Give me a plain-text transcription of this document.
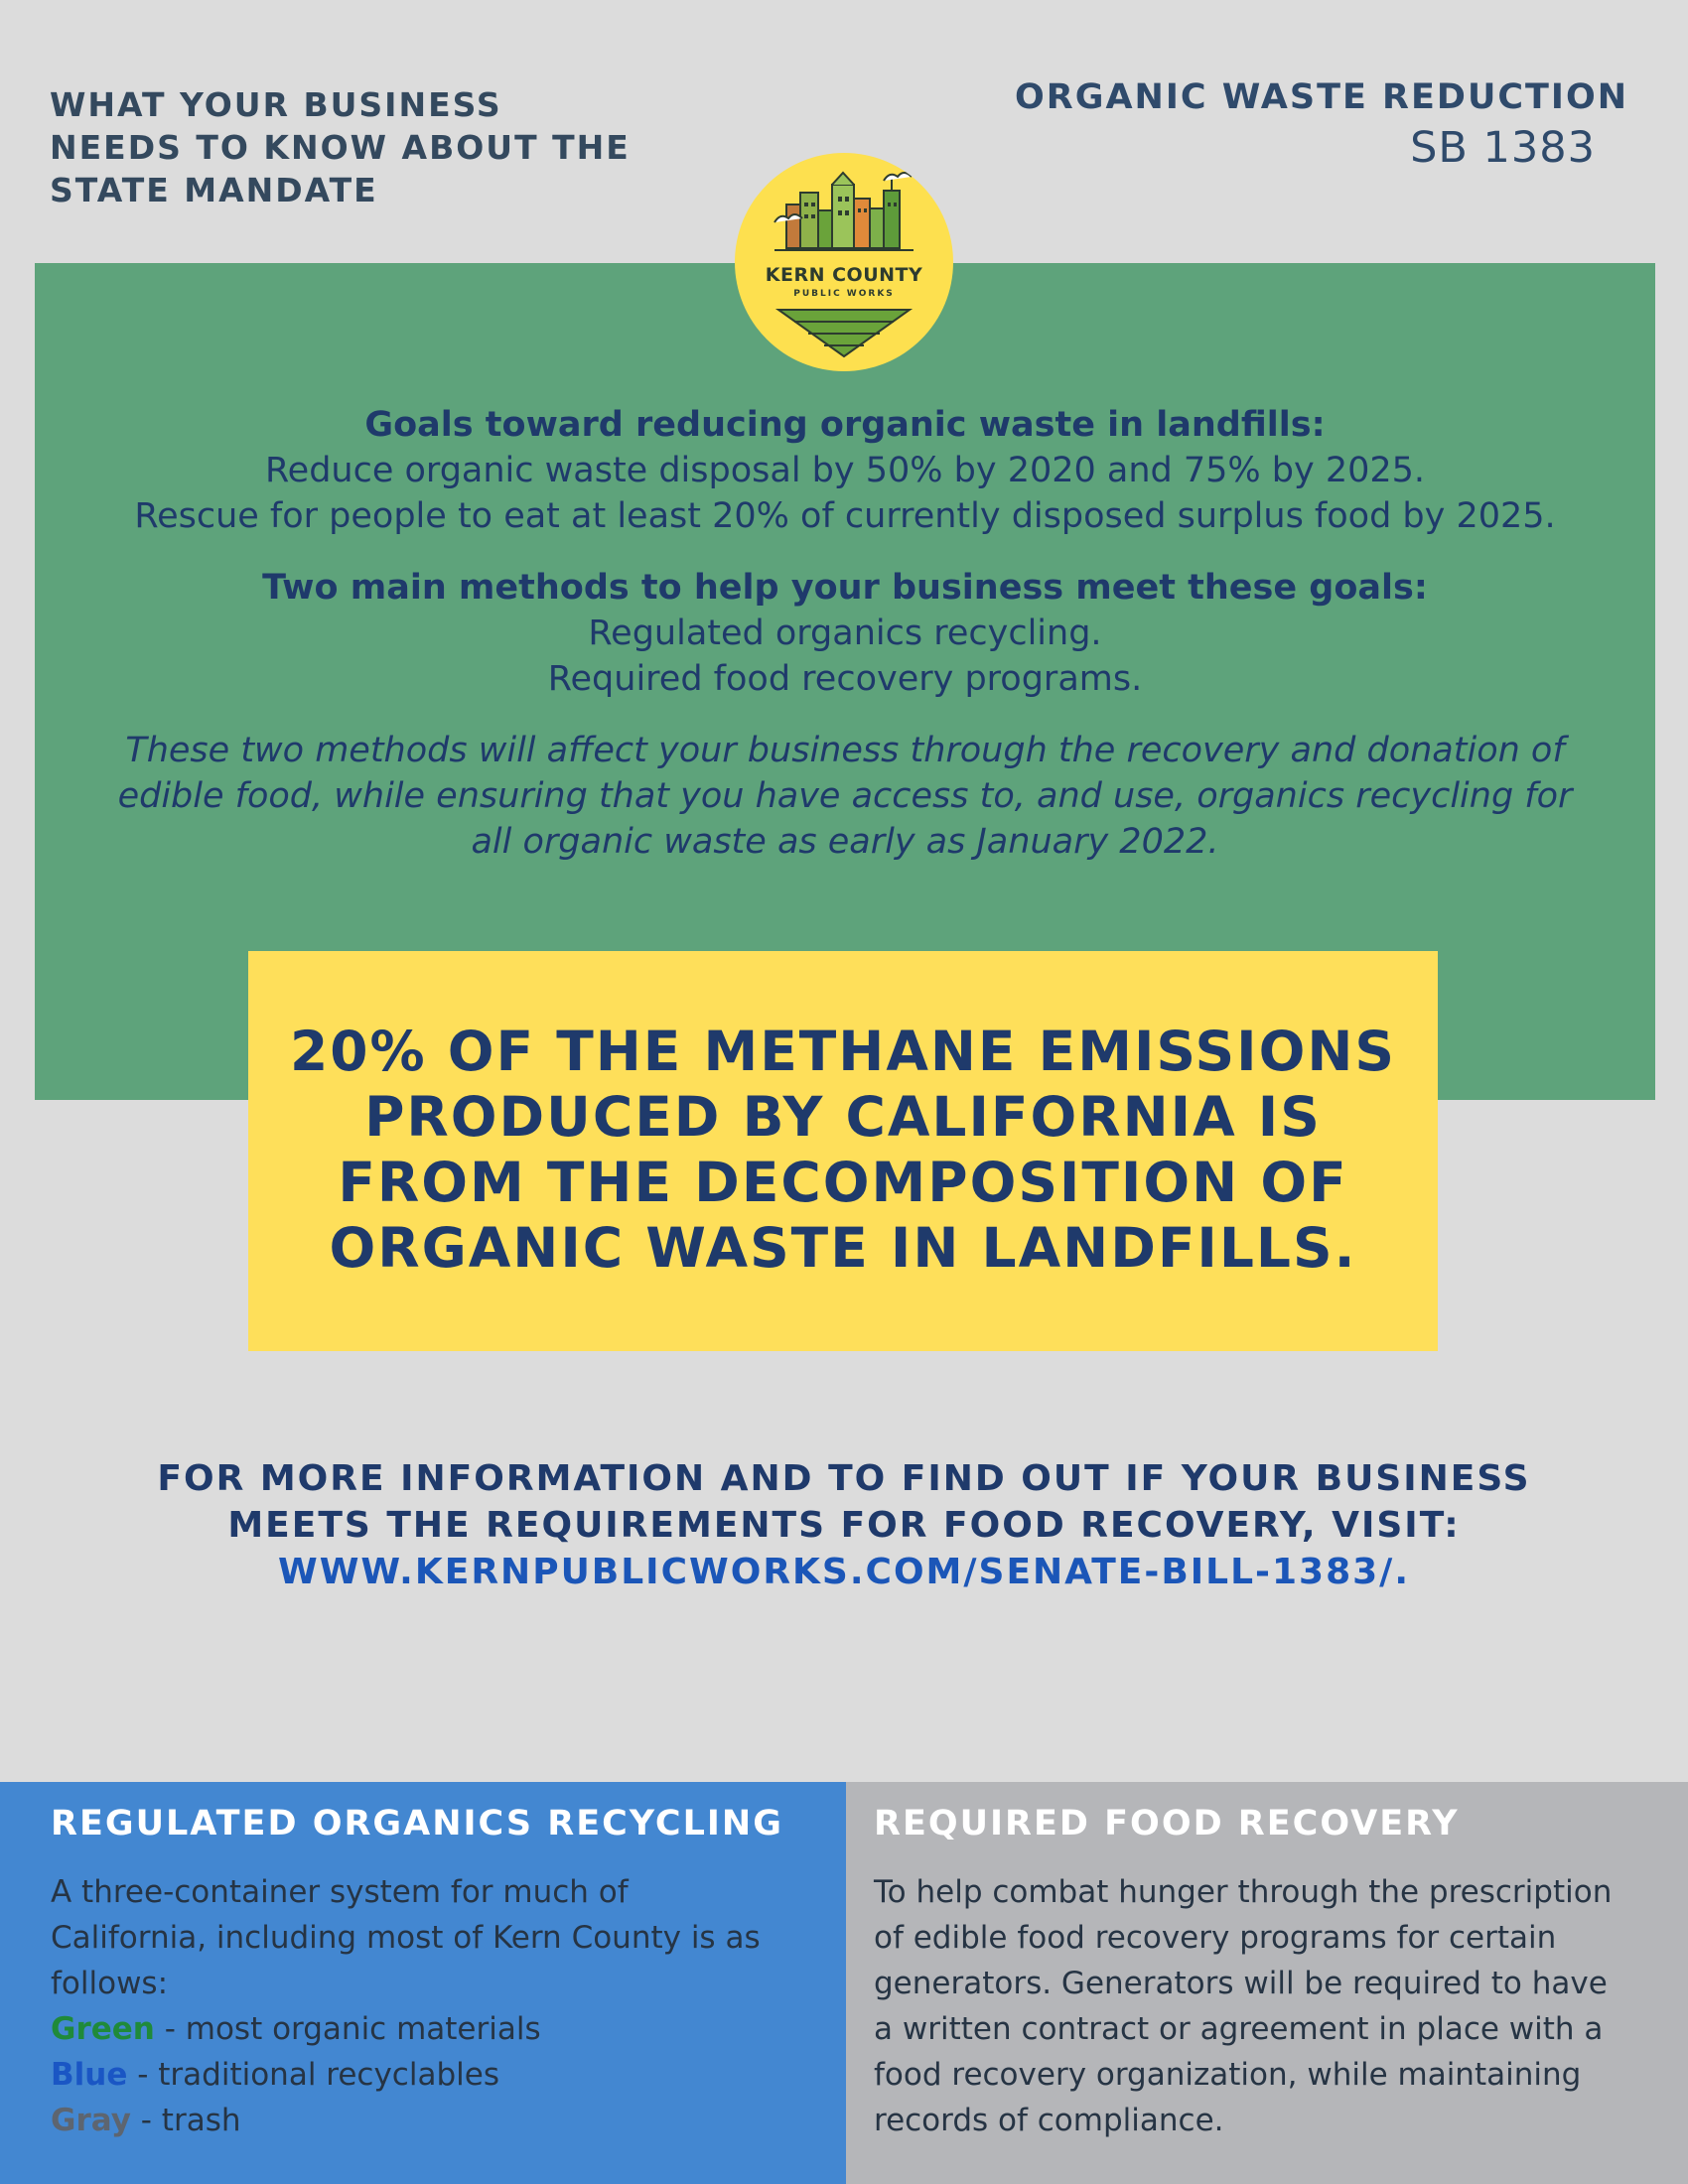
WHAT YOUR BUSINESS
NEEDS TO KNOW ABOUT THE
STATE MANDATE
ORGANIC WASTE REDUCTION
SB 1383
KERN COUNTY
PUBLIC WORKS
Goals toward reducing organic waste in landfills:
Reduce organic waste disposal by 50% by 2020 and 75% by 2025.
Rescue for people to eat at least 20% of currently disposed surplus food by 2025.
Two main methods to help your business meet these goals:
Regulated organics recycling.
Required food recovery programs.
These two methods will affect your business through the recovery and donation of
edible food, while ensuring that you have access to, and use, organics recycling for
all organic waste as early as January 2022.
20% OF THE METHANE EMISSIONS
PRODUCED BY CALIFORNIA IS
FROM THE DECOMPOSITION OF
ORGANIC WASTE IN LANDFILLS.
FOR MORE INFORMATION AND TO FIND OUT IF YOUR BUSINESS
MEETS THE REQUIREMENTS FOR FOOD RECOVERY, VISIT:
WWW.KERNPUBLICWORKS.COM/SENATE-BILL-1383/.
REGULATED ORGANICS RECYCLING
A three-container system for much of
California, including most of Kern County is as
follows:
Green - most organic materials
Blue - traditional recyclables
Gray - trash
REQUIRED FOOD RECOVERY
To help combat hunger through the prescription
of edible food recovery programs for certain
generators. Generators will be required to have
a written contract or agreement in place with a
food recovery organization, while maintaining
records of compliance.
